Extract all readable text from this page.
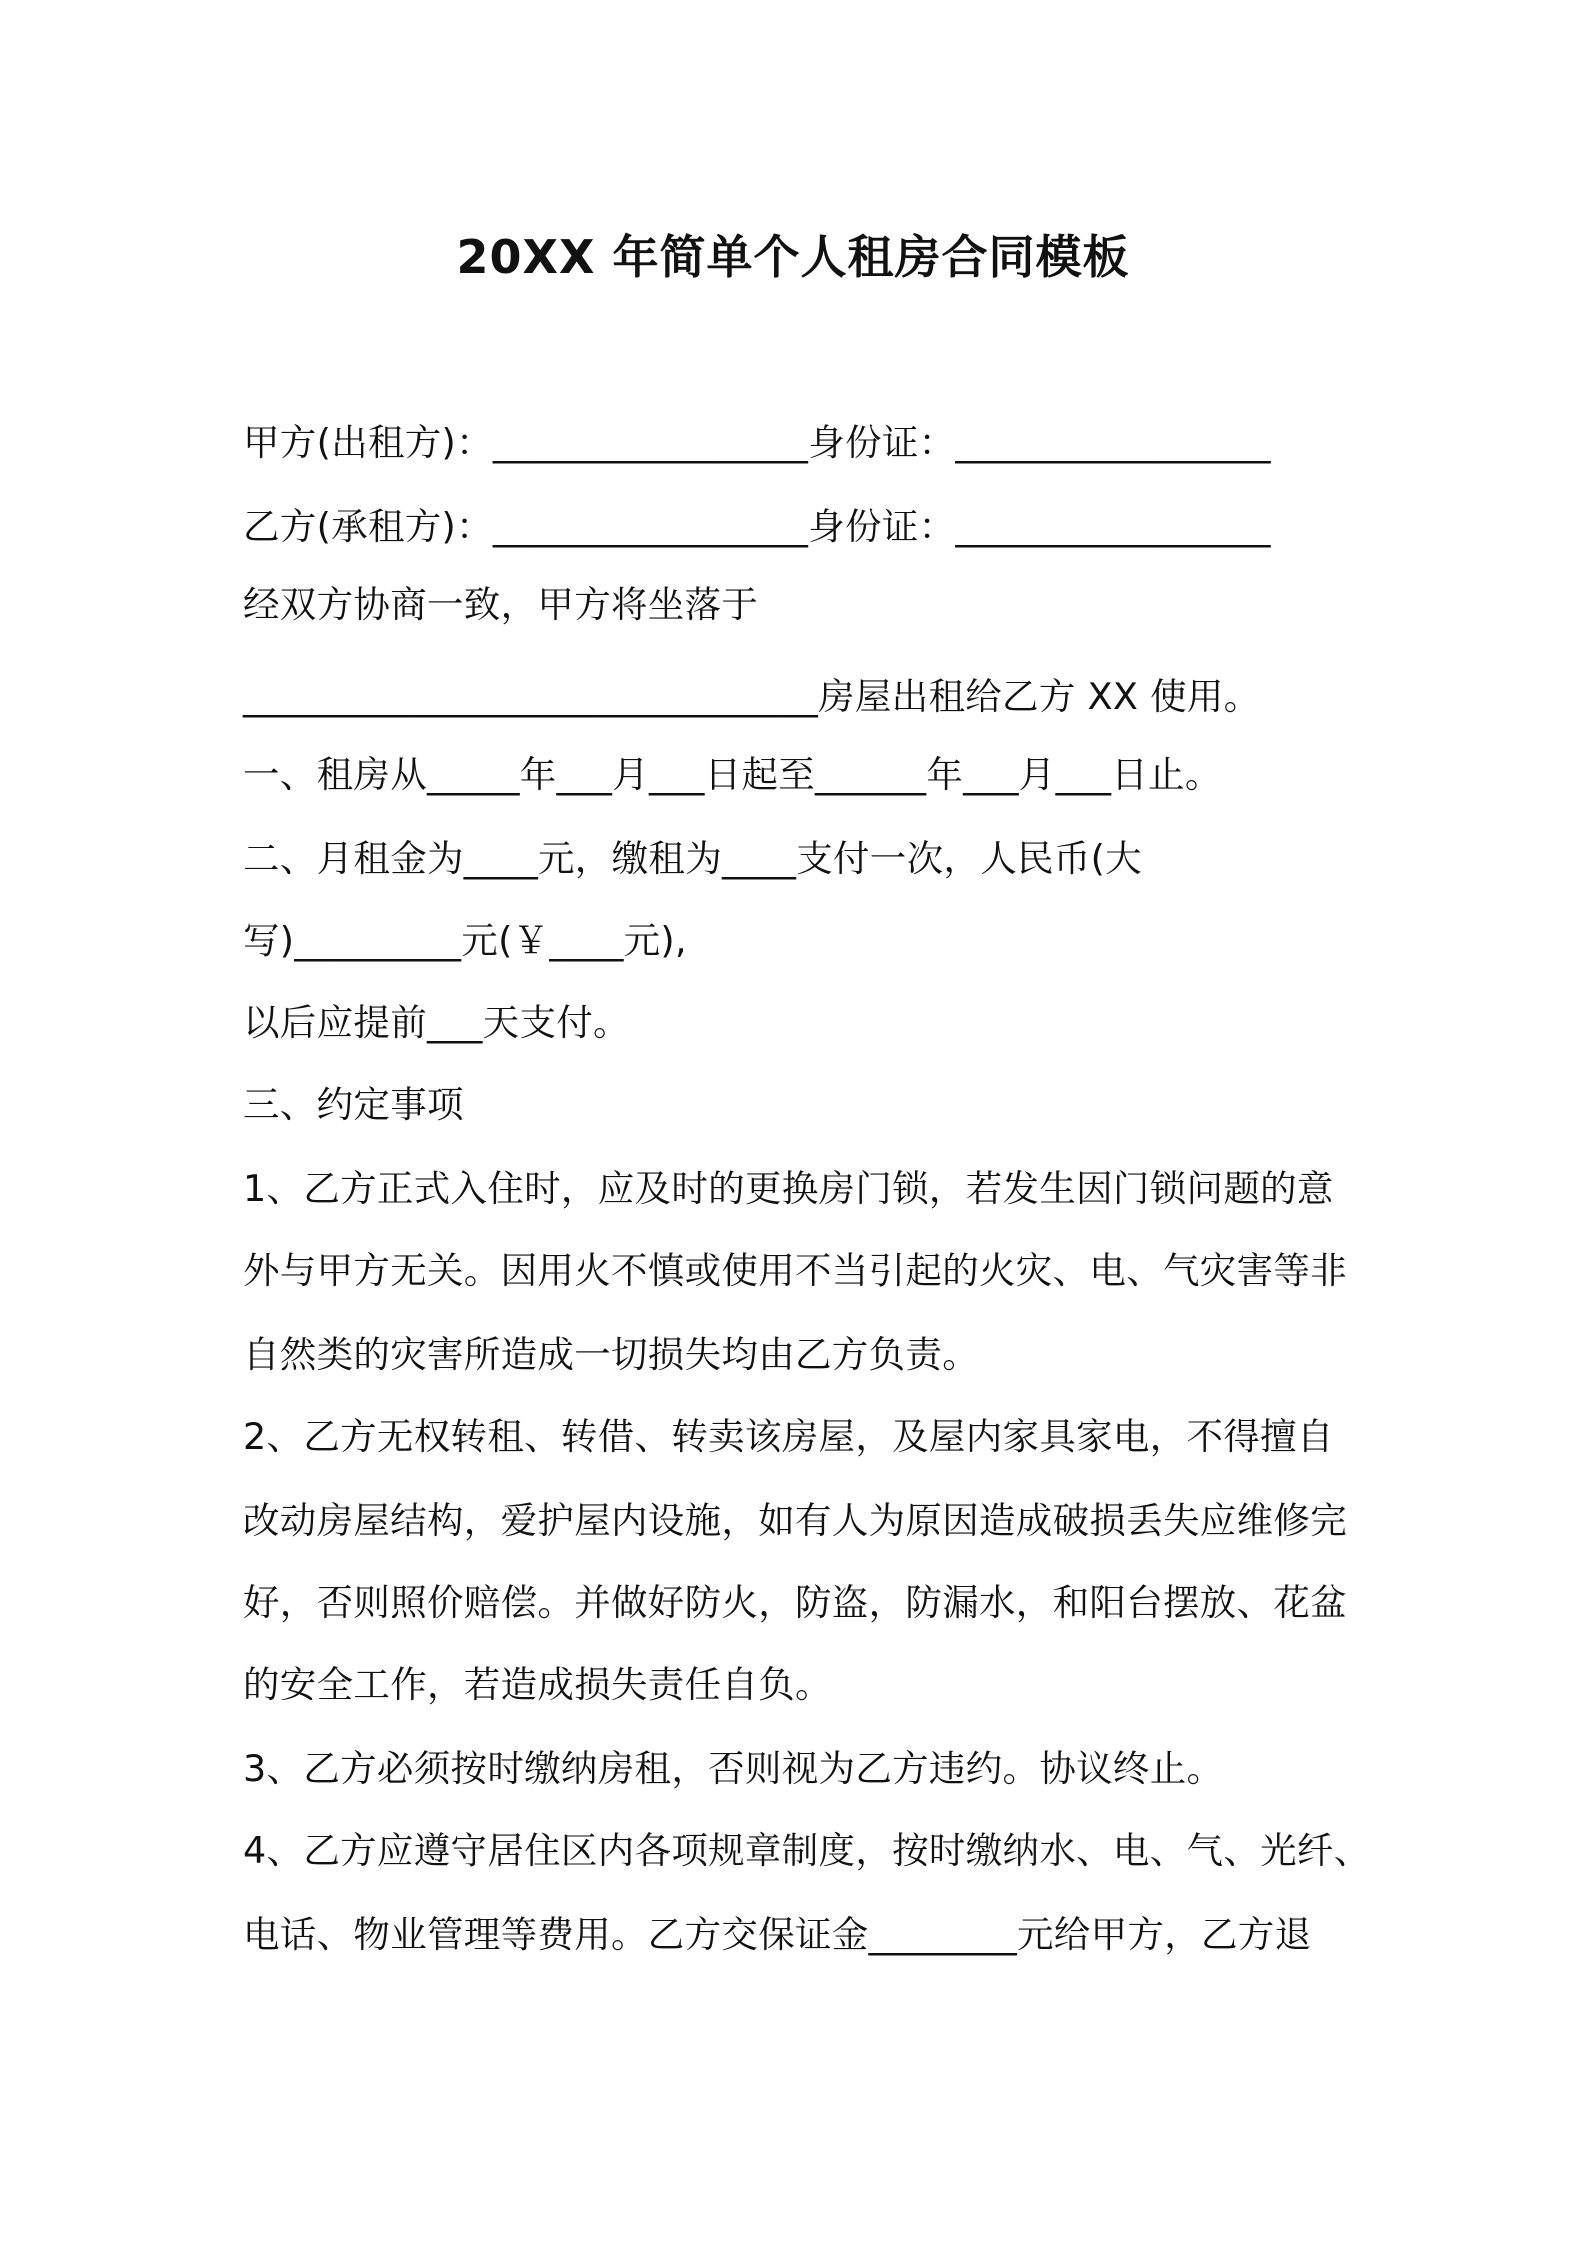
20XX 年简单个人租房合同模板
甲方(出租方)：_________________身份证：_________________
乙方(承租方)：_________________身份证：_________________
经双方协商一致，甲方将坐落于
_______________________________房屋出租给乙方 XX 使用。
一、租房从_____年___月___日起至______年___月___日止。
二、月租金为____元，缴租为____支付一次，人民币(大
写)_________元(￥____元),
以后应提前___天支付。
三、约定事项
1、乙方正式入住时，应及时的更换房门锁，若发生因门锁问题的意
外与甲方无关。因用火不慎或使用不当引起的火灾、电、气灾害等非
自然类的灾害所造成一切损失均由乙方负责。
2、乙方无权转租、转借、转卖该房屋，及屋内家具家电，不得擅自
改动房屋结构，爱护屋内设施，如有人为原因造成破损丢失应维修完
好，否则照价赔偿。并做好防火，防盗，防漏水，和阳台摆放、花盆
的安全工作，若造成损失责任自负。
3、乙方必须按时缴纳房租，否则视为乙方违约。协议终止。
4、乙方应遵守居住区内各项规章制度，按时缴纳水、电、气、光纤、
电话、物业管理等费用。乙方交保证金________元给甲方，乙方退
